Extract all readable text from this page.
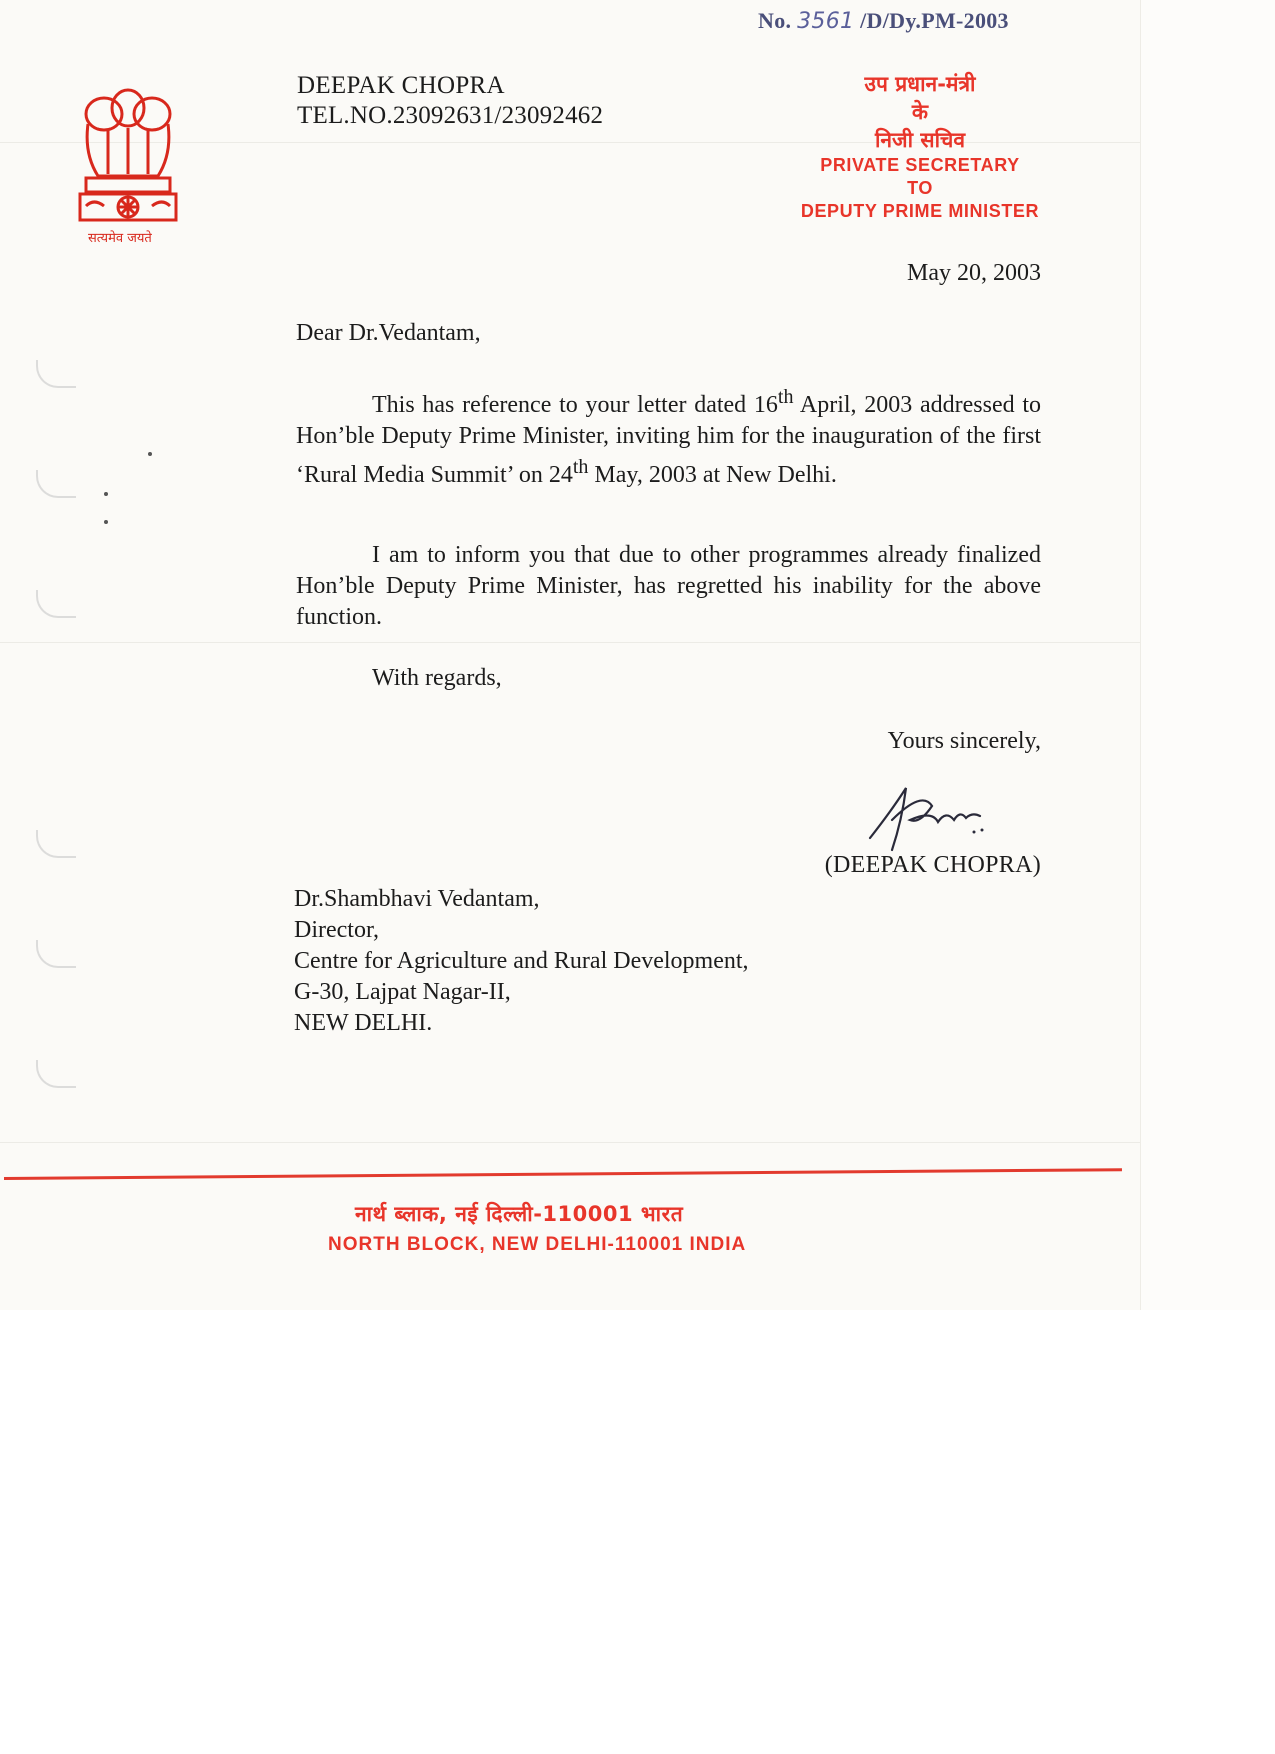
No. 3561 /D/Dy.PM-2003
सत्यमेव जयते
DEEPAK CHOPRA
TEL.NO.23092631/23092462
उप प्रधान-मंत्री
के
निजी सचिव
PRIVATE SECRETARY
TO
DEPUTY PRIME MINISTER
May 20, 2003
Dear Dr.Vedantam,
This has reference to your letter dated 16th April, 2003 addressed to Hon’ble Deputy Prime Minister, inviting him for the inauguration of the first ‘Rural Media Summit’ on 24th May, 2003 at New Delhi.
I am to inform you that due to other programmes already finalized Hon’ble Deputy Prime Minister, has regretted his inability for the above function.
With regards,
Yours sincerely,
(DEEPAK CHOPRA)
Dr.Shambhavi Vedantam,
Director,
Centre for Agriculture and Rural Development,
G-30, Lajpat Nagar-II,
NEW DELHI.
नार्थ ब्लाक, नई दिल्ली-110001 भारत
NORTH BLOCK, NEW DELHI-110001 INDIA
